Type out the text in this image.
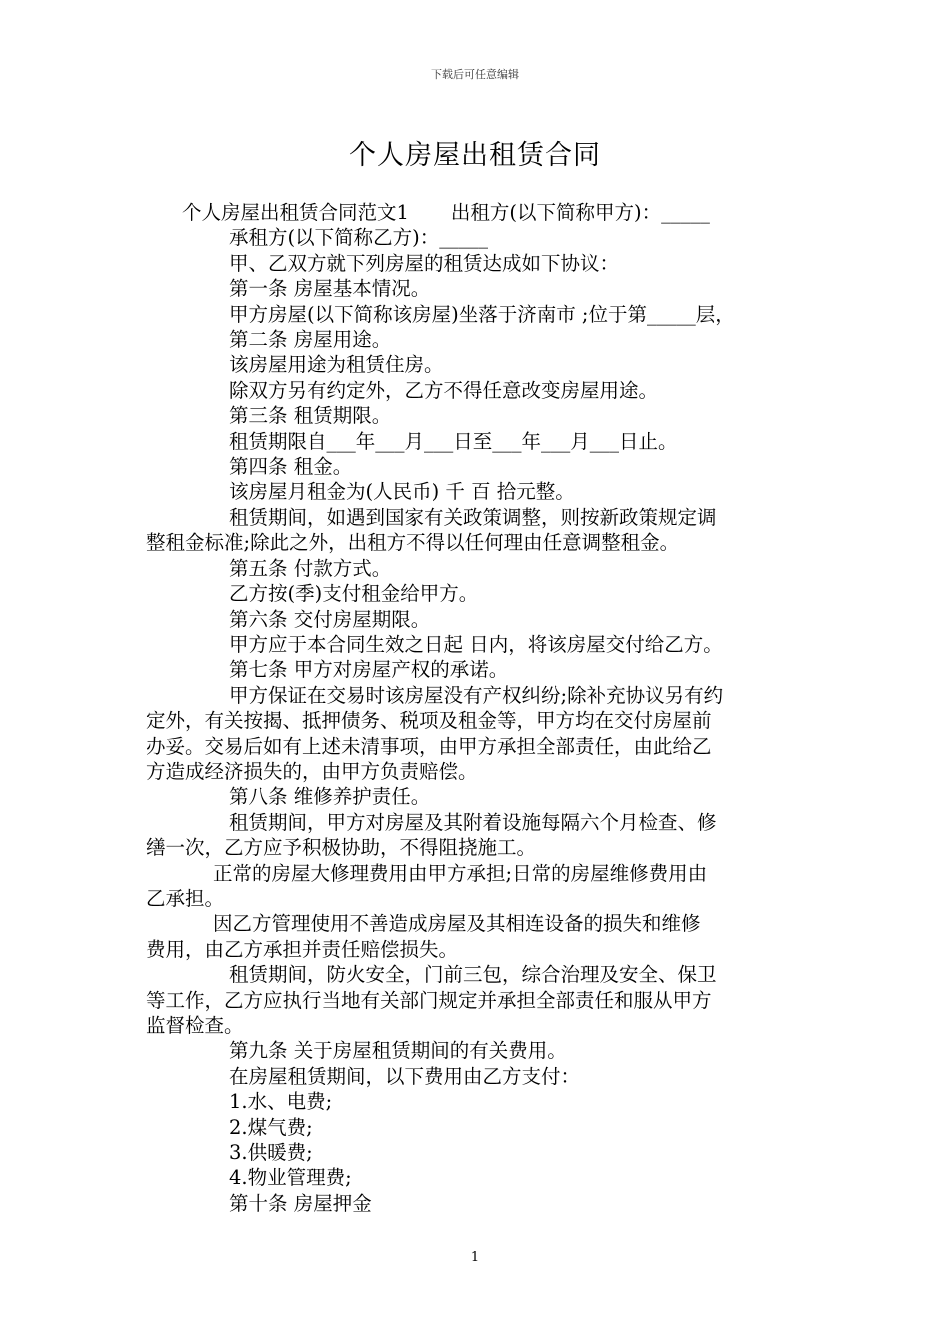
下载后可任意编辑
个人房屋出租赁合同

个人房屋出租赁合同范文1 出租方(以下简称甲方)：_____

承租方(以下简称乙方)：_____

甲、乙双方就下列房屋的租赁达成如下协议：

第一条 房屋基本情况。

甲方房屋(以下简称该房屋)坐落于济南市 ;位于第_____层，

第二条 房屋用途。

该房屋用途为租赁住房。

除双方另有约定外，乙方不得任意改变房屋用途。

第三条 租赁期限。

租赁期限自___年___月___日至___年___月___日止。

第四条 租金。

该房屋月租金为(人民币) 千 百 拾元整。

租赁期间，如遇到国家有关政策调整，则按新政策规定调

整租金标准;除此之外，出租方不得以任何理由任意调整租金。

第五条 付款方式。

乙方按(季)支付租金给甲方。

第六条 交付房屋期限。

甲方应于本合同生效之日起 日内，将该房屋交付给乙方。

第七条 甲方对房屋产权的承诺。

甲方保证在交易时该房屋没有产权纠纷;除补充协议另有约

定外，有关按揭、抵押债务、税项及租金等，甲方均在交付房屋前

办妥。交易后如有上述未清事项，由甲方承担全部责任，由此给乙

方造成经济损失的，由甲方负责赔偿。

第八条 维修养护责任。

租赁期间，甲方对房屋及其附着设施每隔六个月检查、修

缮一次，乙方应予积极协助，不得阻挠施工。

正常的房屋大修理费用由甲方承担;日常的房屋维修费用由

乙承担。

因乙方管理使用不善造成房屋及其相连设备的损失和维修

费用，由乙方承担并责任赔偿损失。

租赁期间，防火安全，门前三包，综合治理及安全、保卫

等工作，乙方应执行当地有关部门规定并承担全部责任和服从甲方

监督检查。

第九条 关于房屋租赁期间的有关费用。

在房屋租赁期间，以下费用由乙方支付：

1.水、电费;

2.煤气费;

3.供暖费;

4.物业管理费;

第十条 房屋押金

1
